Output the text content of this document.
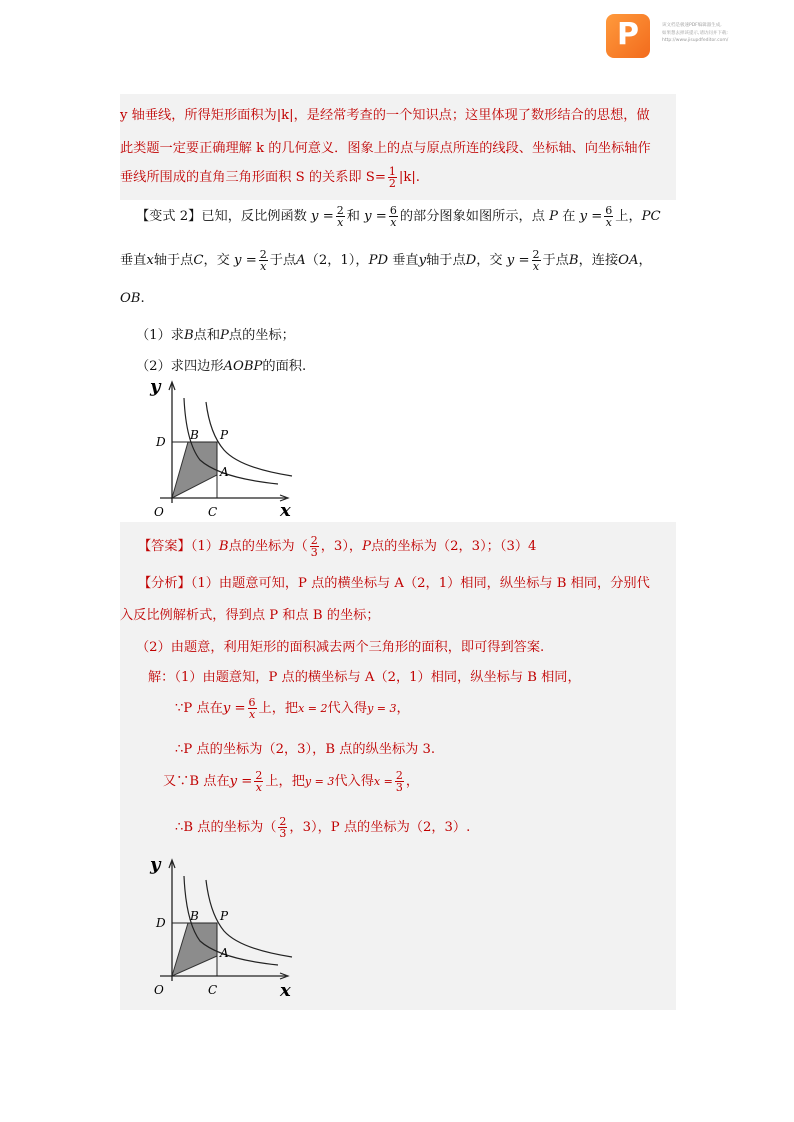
P	该文档是极速PDF编辑器生成,
如果想去掉该提示,请访问并下载:
http://www.jisupdfeditor.com/
y 轴垂线，所得矩形面积为|k|，是经常考查的一个知识点；这里体现了数形结合的思想，做
此类题一定要正确理解 k 的几何意义．图象上的点与原点所连的线段、坐标轴、向坐标轴作
垂线所围成的直角三角形面积 S 的关系即 $S= \frac{1}{2} |k|$.
【变式 2】已知，反比例函数 $y = \frac{2}{x}$ 和 $y = \frac{6}{x}$ 的部分图象如图所示，点 P 在 $y = \frac{6}{x}$ 上，PC
垂直x轴于点C，交 $y = \frac{2}{x}$ 于点A（2，1），PD 垂直y轴于点D，交 $y = \frac{2}{x}$ 于点B，连接OA，
OB.
（1）求B点和P点的坐标；
（2）求四边形AOBP的面积.
y
x
O	C
D B P
A
【答案】（1）B点的坐标为（ $\frac{2}{3}$ ，3），P点的坐标为（2，3）；（3）4
【分析】（1）由题意可知，P 点的横坐标与 A（2，1）相同，纵坐标与 B 相同，分别代
入反比例解析式，得到点 P 和点 B 的坐标；
（2）由题意，利用矩形的面积减去两个三角形的面积，即可得到答案.
解：（1）由题意知，P 点的横坐标与 A（2，1）相同，纵坐标与 B 相同，
∵P 点在$y = \frac{6}{x}$ 上，把x = 2代入得y = 3，
∴P 点的坐标为（2，3），B 点的纵坐标为 3.
又∵B 点在$y = \frac{2}{x}$ 上，把y = 3代入得$x = \frac{2}{3}$ ，
∴B 点的坐标为（ $\frac{2}{3}$ ，3），P 点的坐标为（2，3）.
y
x
O	C
D B P
A
